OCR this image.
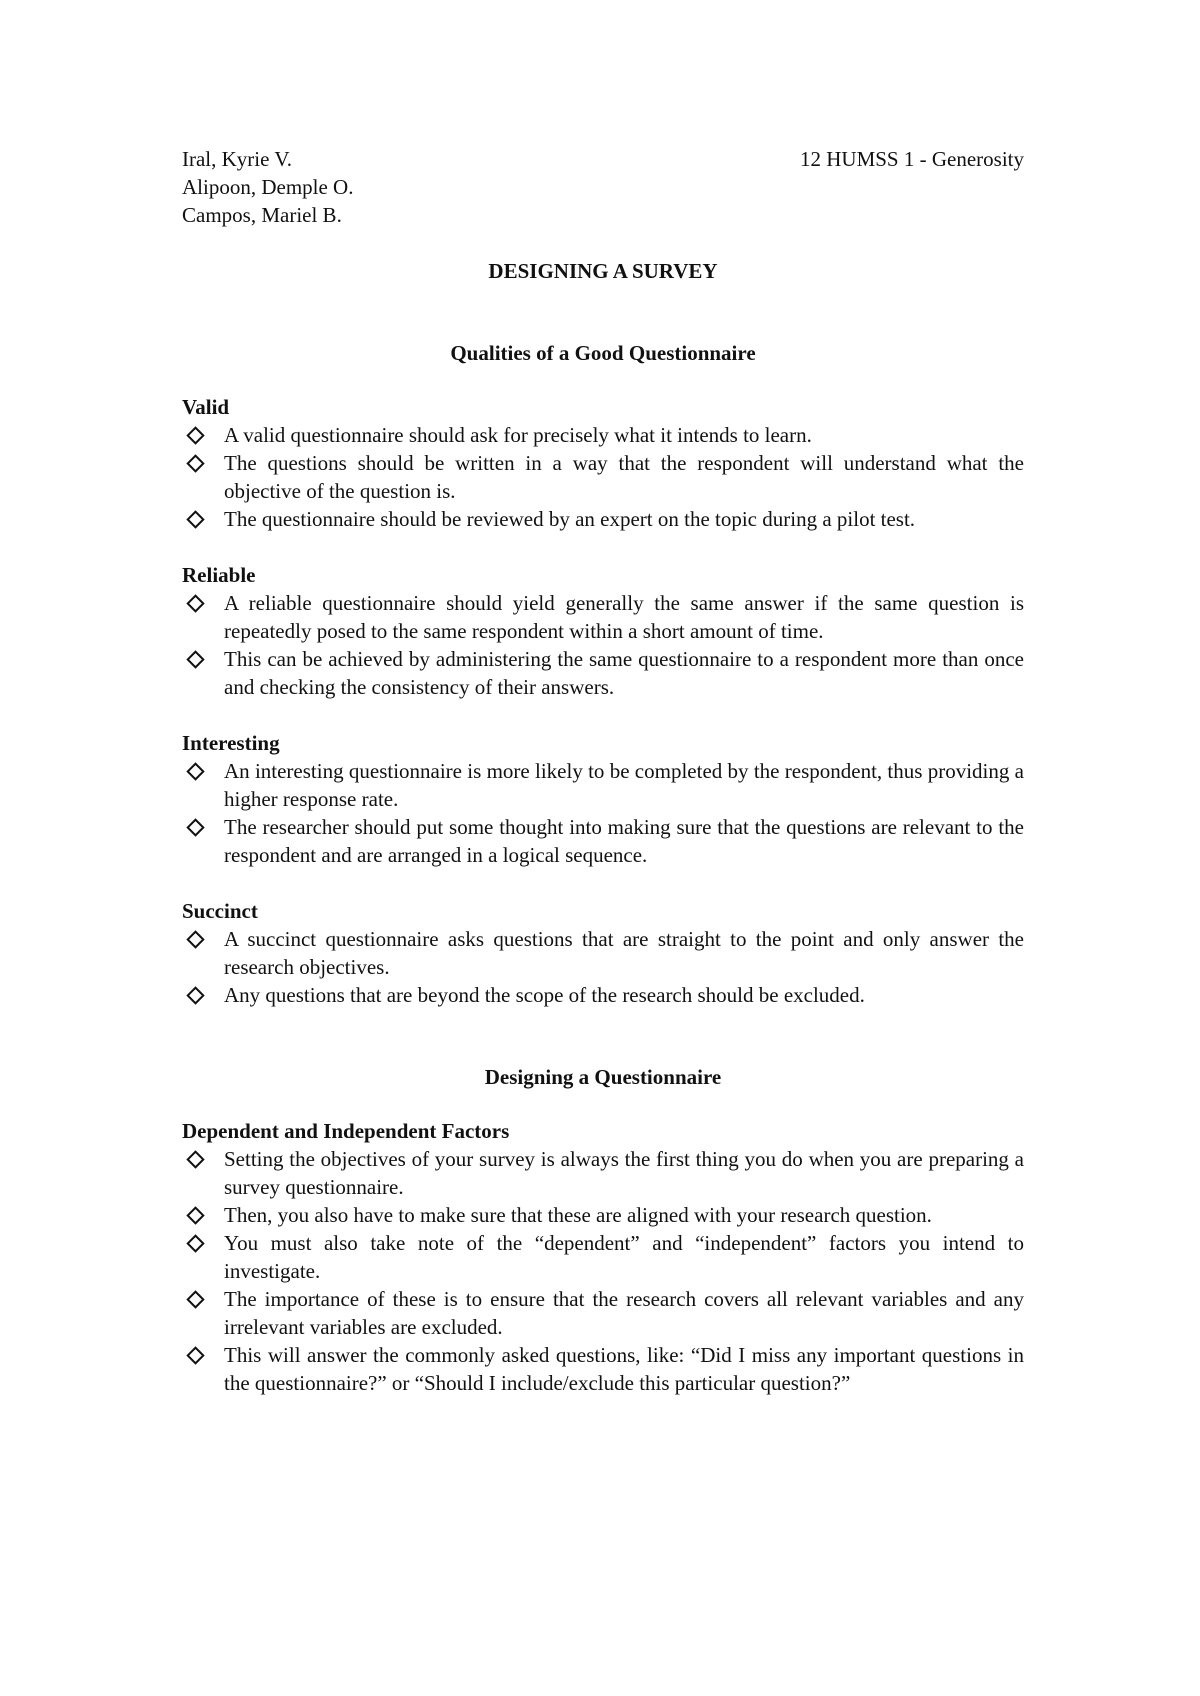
Iral, Kyrie V.
Alipoon, Demple O.
Campos, Mariel B.
12 HUMSS 1 - Generosity
DESIGNING A SURVEY
Qualities of a Good Questionnaire
Valid
A valid questionnaire should ask for precisely what it intends to learn.
The questions should be written in a way that the respondent will understand what the objective of the question is.
The questionnaire should be reviewed by an expert on the topic during a pilot test.
Reliable
A reliable questionnaire should yield generally the same answer if the same question is repeatedly posed to the same respondent within a short amount of time.
This can be achieved by administering the same questionnaire to a respondent more than once and checking the consistency of their answers.
Interesting
An interesting questionnaire is more likely to be completed by the respondent, thus providing a higher response rate.
The researcher should put some thought into making sure that the questions are relevant to the respondent and are arranged in a logical sequence.
Succinct
A succinct questionnaire asks questions that are straight to the point and only answer the research objectives.
Any questions that are beyond the scope of the research should be excluded.
Designing a Questionnaire
Dependent and Independent Factors
Setting the objectives of your survey is always the first thing you do when you are preparing a survey questionnaire.
Then, you also have to make sure that these are aligned with your research question.
You must also take note of the “dependent” and “independent” factors you intend to investigate.
The importance of these is to ensure that the research covers all relevant variables and any irrelevant variables are excluded.
This will answer the commonly asked questions, like: “Did I miss any important questions in the questionnaire?” or “Should I include/exclude this particular question?”
